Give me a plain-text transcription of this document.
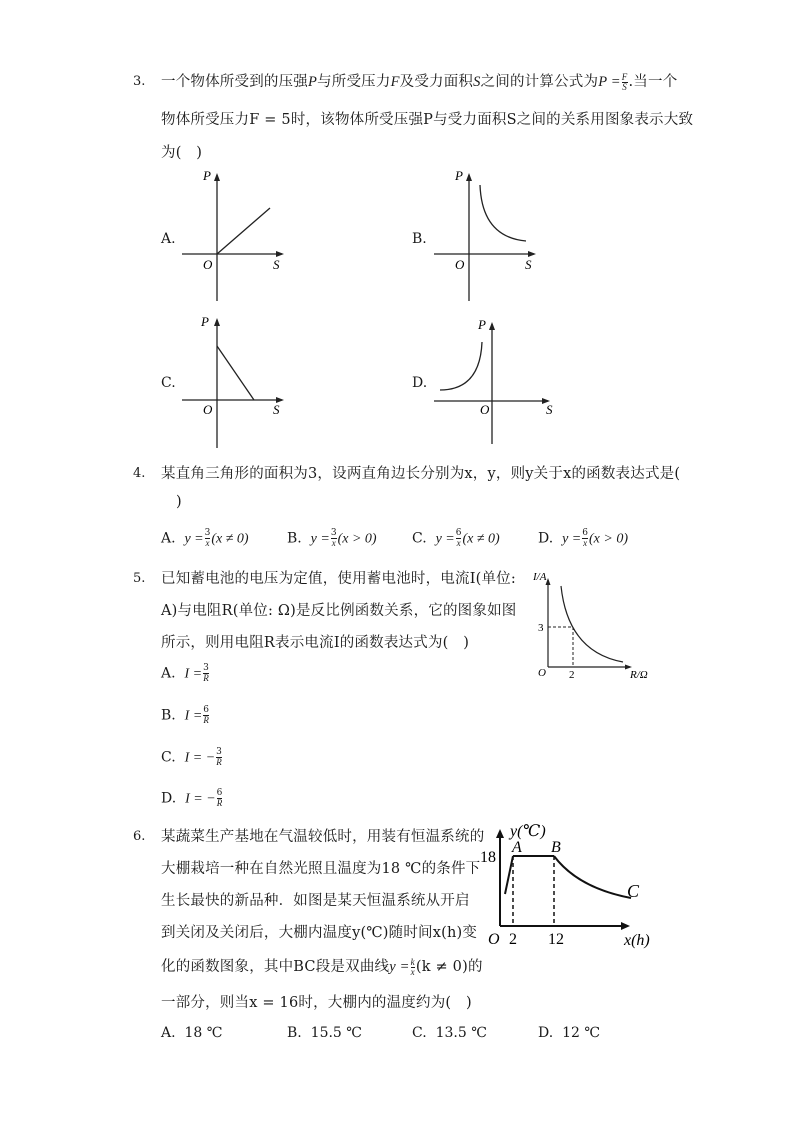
3. 一个物体所受到的压强P与所受压力F及受力面积S之间的计算公式为$P = \frac{F}{S}$ .当一个
物体所受压力F = 5时，该物体所受压强P与受力面积S之间的关系用图象表示大致
为(　)
A.
P
S
O
B.
P
S
O
C.
P
S
O
D.
P
S
O
4. 某直角三角形的面积为3，设两直角边长分别为x，y，则y关于x的函数表达式是(
)
A. $y = \frac{3}{x} (x \ne 0)$	B. $y = \frac{3}{x} (x > 0)$	C. $y = \frac{6}{x} (x \ne 0)$	D. $y = \frac{6}{x} (x > 0)$
5. 已知蓄电池的电压为定值，使用蓄电池时，电流I(单位:
A)与电阻R(单位: Ω)是反比例函数关系，它的图象如图
所示，则用电阻R表示电流I的函数表达式为(　)
I/A
R/Ω
O
3
2
A. $I = \frac{3}{R}$
B. $I = \frac{6}{R}$
C. I = − $\frac{3}{R}$
D. I = − $\frac{6}{R}$
6. 某蔬菜生产基地在气温较低时，用装有恒温系统的
大棚栽培一种在自然光照且温度为18 ℃的条件下
生长最快的新品种．如图是某天恒温系统从开启
到关闭及关闭后，大棚内温度y(℃)随时间x(h)变
化的函数图象，其中BC段是双曲线$y = \frac{k}{x} (k \ne 0)$的
一部分，则当x = 16时，大棚内的温度约为(　)
y(℃)
x(h)
O
18
2 12
A B
C
A. 18 ℃	B. 15.5 ℃	C. 13.5 ℃	D. 12 ℃
